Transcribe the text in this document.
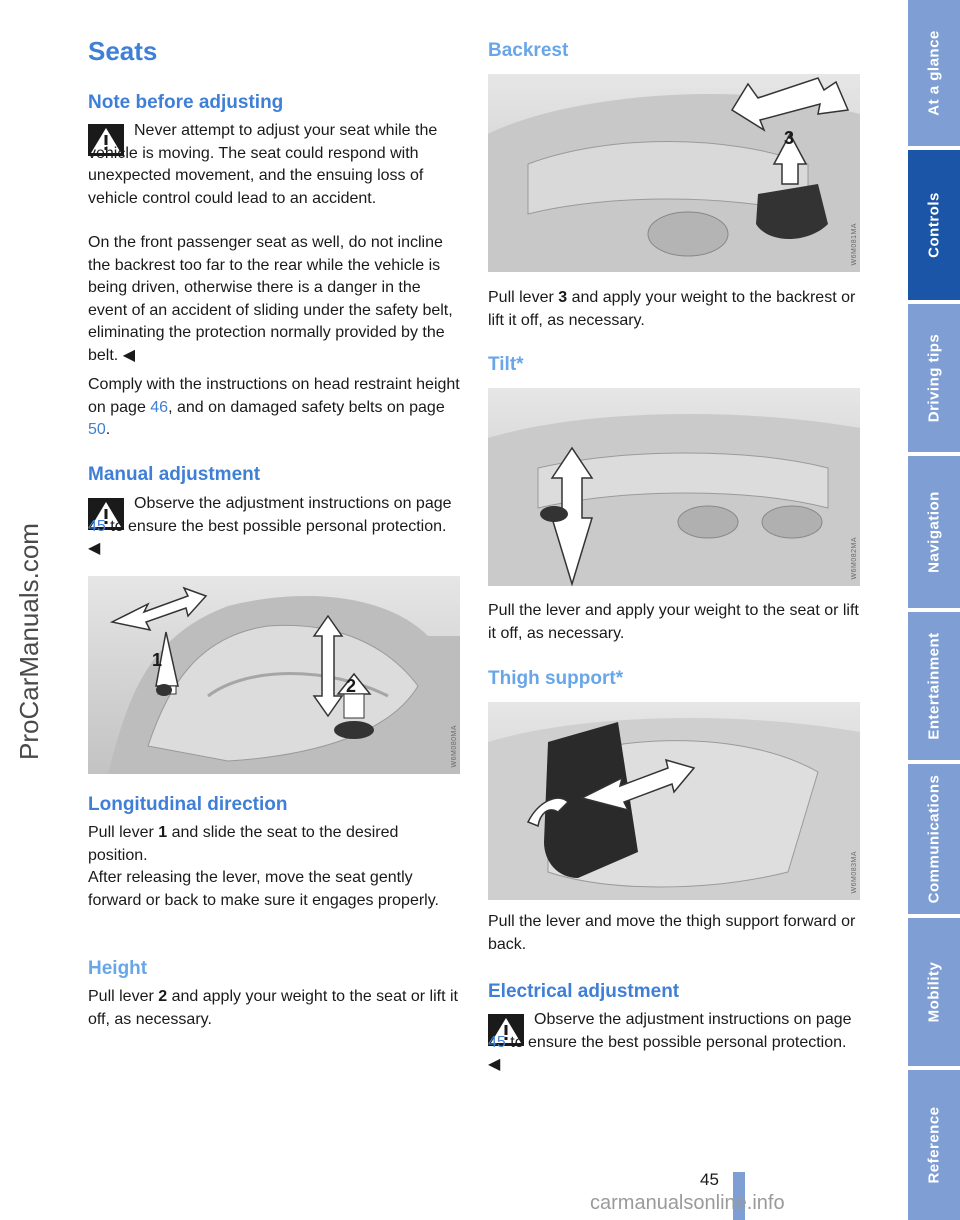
ProCarManuals.com
Seats
Note before adjusting

Never attempt to adjust your seat while the vehicle is moving. The seat could respond with unexpected movement, and the ensuing loss of vehicle control could lead to an accident.

On the front passenger seat as well, do not incline the backrest too far to the rear while the vehicle is being driven, otherwise there is a danger in the event of an accident of sliding under the safety belt, eliminating the protection normally provided by the belt. ◀

Comply with the instructions on head restraint height on page 46, and on damaged safety belts on page 50.

Manual adjustment

Observe the adjustment instructions on page 45 to ensure the best possible personal protection. ◀

1
2
W6M080MA
Longitudinal direction

Pull lever 1 and slide the seat to the desired position.

After releasing the lever, move the seat gently forward or back to make sure it engages properly.

Height

Pull lever 2 and apply your weight to the seat or lift it off, as necessary.

Backrest
3
W6M081MA

Pull lever 3 and apply your weight to the backrest or lift it off, as necessary.

Tilt*
W6M082MA

Pull the lever and apply your weight to the seat or lift it off, as necessary.

Thigh support*
W6M083MA

Pull the lever and move the thigh support forward or back.

Electrical adjustment

Observe the adjustment instructions on page 45 to ensure the best possible personal protection. ◀

At a glance
Controls
Driving tips
Navigation
Entertainment
Communications
Mobility
Reference
45
carmanualsonline.info
